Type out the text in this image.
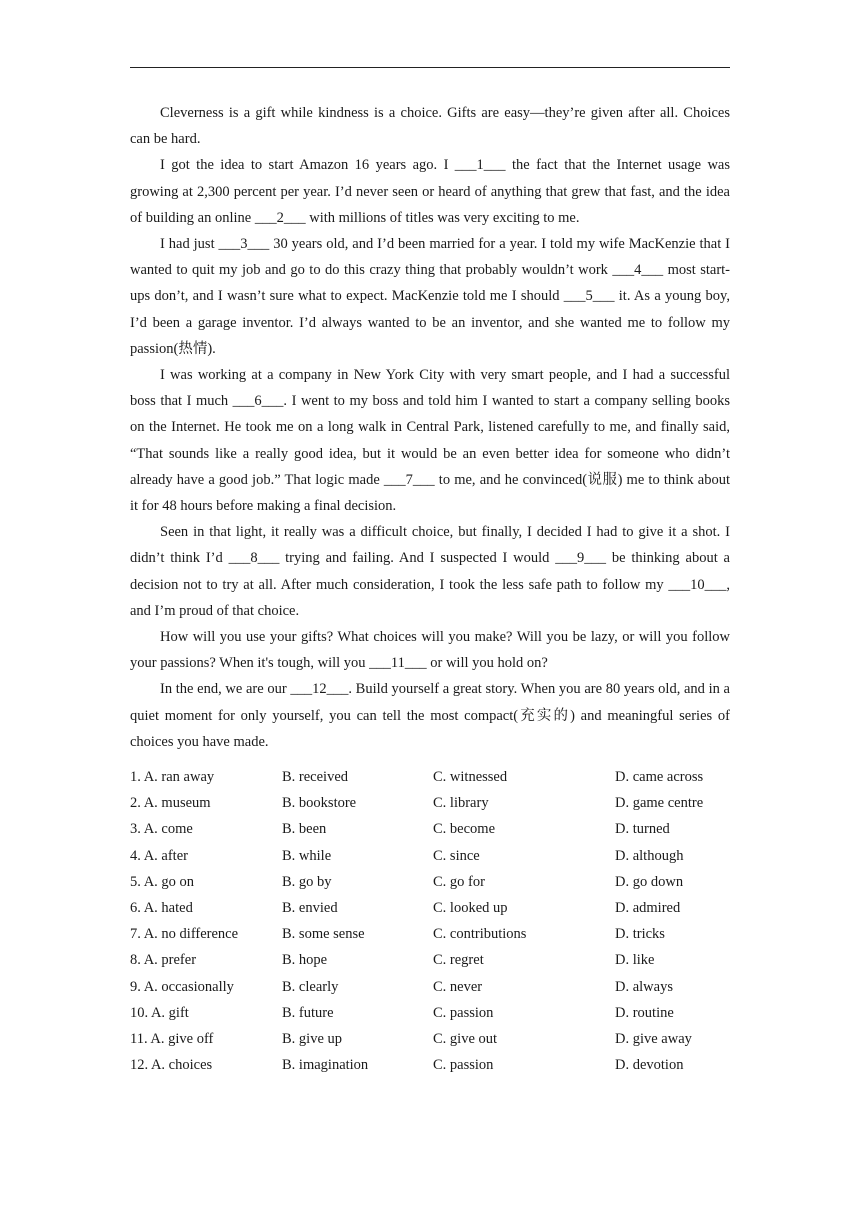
Cleverness is a gift while kindness is a choice. Gifts are easy—they’re given after all. Choices can be hard.

I got the idea to start Amazon 16 years ago. I ___1___ the fact that the Internet usage was growing at 2,300 percent per year. I’d never seen or heard of anything that grew that fast, and the idea of building an online ___2___ with millions of titles was very exciting to me.

I had just ___3___ 30 years old, and I’d been married for a year. I told my wife MacKenzie that I wanted to quit my job and go to do this crazy thing that probably wouldn’t work ___4___ most start-ups don’t, and I wasn’t sure what to expect. MacKenzie told me I should ___5___ it. As a young boy, I’d been a garage inventor. I’d always wanted to be an inventor, and she wanted me to follow my passion(热情).

I was working at a company in New York City with very smart people, and I had a successful boss that I much ___6___. I went to my boss and told him I wanted to start a company selling books on the Internet. He took me on a long walk in Central Park, listened carefully to me, and finally said, “That sounds like a really good idea, but it would be an even better idea for someone who didn’t already have a good job.” That logic made ___7___ to me, and he convinced(说服) me to think about it for 48 hours before making a final decision.

Seen in that light, it really was a difficult choice, but finally, I decided I had to give it a shot. I didn’t think I’d ___8___ trying and failing. And I suspected I would ___9___ be thinking about a decision not to try at all. After much consideration, I took the less safe path to follow my ___10___, and I’m proud of that choice.

How will you use your gifts? What choices will you make? Will you be lazy, or will you follow your passions? When it's tough, will you ___11___ or will you hold on?

In the end, we are our ___12___. Build yourself a great story. When you are 80 years old, and in a quiet moment for only yourself, you can tell the most compact(充实的) and meaningful series of choices you have made.

1. A. ran away	B. received	C. witnessed	D. came across
2. A. museum	B. bookstore	C. library	D. game centre
3. A. come	B. been	C. become	D. turned
4. A. after	B. while	C. since	D. although
5. A. go on	B. go by	C. go for	D. go down
6. A. hated	B. envied	C. looked up	D. admired
7. A. no difference	B. some sense	C. contributions	D. tricks
8. A. prefer	B. hope	C. regret	D. like
9. A. occasionally	B. clearly	C. never	D. always
10. A. gift	B. future	C. passion	D. routine
11. A. give off	B. give up	C. give out	D. give away
12. A. choices	B. imagination	C. passion	D. devotion
